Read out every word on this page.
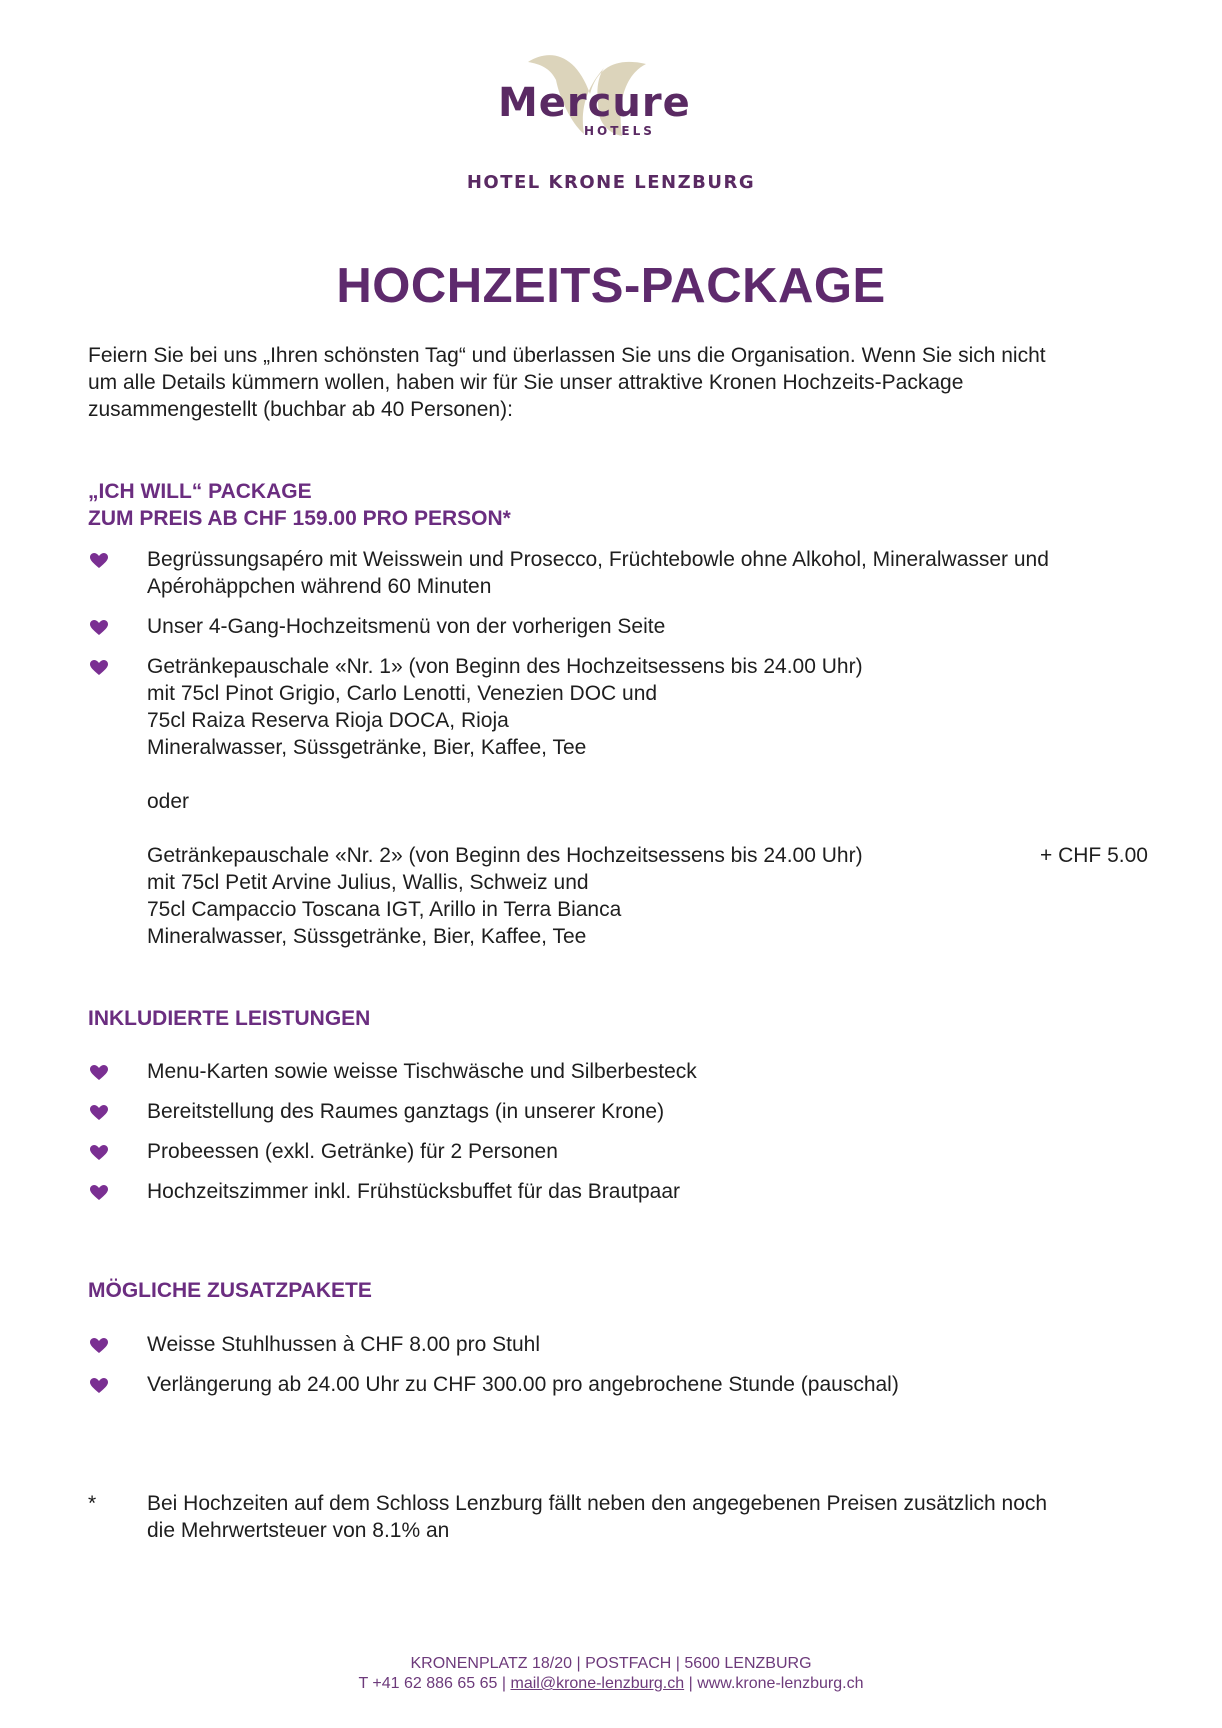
Mercure
HOTELS
HOTEL KRONE LENZBURG
HOCHZEITS-PACKAGE
Feiern Sie bei uns „Ihren schönsten Tag“ und überlassen Sie uns die Organisation. Wenn Sie sich nicht
um alle Details kümmern wollen, haben wir für Sie unser attraktive Kronen Hochzeits-Package
zusammengestellt (buchbar ab 40 Personen):
„ICH WILL“ PACKAGE
ZUM PREIS AB CHF 159.00 PRO PERSON*
Begrüssungsapéro mit Weisswein und Prosecco, Früchtebowle ohne Alkohol, Mineralwasser und
Apérohäppchen während 60 Minuten
Unser 4-Gang-Hochzeitsmenü von der vorherigen Seite
Getränkepauschale «Nr. 1» (von Beginn des Hochzeitsessens bis 24.00 Uhr)
mit 75cl Pinot Grigio, Carlo Lenotti, Venezien DOC und
75cl Raiza Reserva Rioja DOCA, Rioja
Mineralwasser, Süssgetränke, Bier, Kaffee, Tee
oder
Getränkepauschale «Nr. 2» (von Beginn des Hochzeitsessens bis 24.00 Uhr)	+ CHF 5.00
mit 75cl Petit Arvine Julius, Wallis, Schweiz und
75cl Campaccio Toscana IGT, Arillo in Terra Bianca
Mineralwasser, Süssgetränke, Bier, Kaffee, Tee
INKLUDIERTE LEISTUNGEN
Menu-Karten sowie weisse Tischwäsche und Silberbesteck
Bereitstellung des Raumes ganztags (in unserer Krone)
Probeessen (exkl. Getränke) für 2 Personen
Hochzeitszimmer inkl. Frühstücksbuffet für das Brautpaar
MÖGLICHE ZUSATZPAKETE
Weisse Stuhlhussen à CHF 8.00 pro Stuhl
Verlängerung ab 24.00 Uhr zu CHF 300.00 pro angebrochene Stunde (pauschal)
* Bei Hochzeiten auf dem Schloss Lenzburg fällt neben den angegebenen Preisen zusätzlich noch
die Mehrwertsteuer von 8.1% an
KRONENPLATZ 18/20 | POSTFACH | 5600 LENZBURG
T +41 62 886 65 65 | mail@krone-lenzburg.ch | www.krone-lenzburg.ch
